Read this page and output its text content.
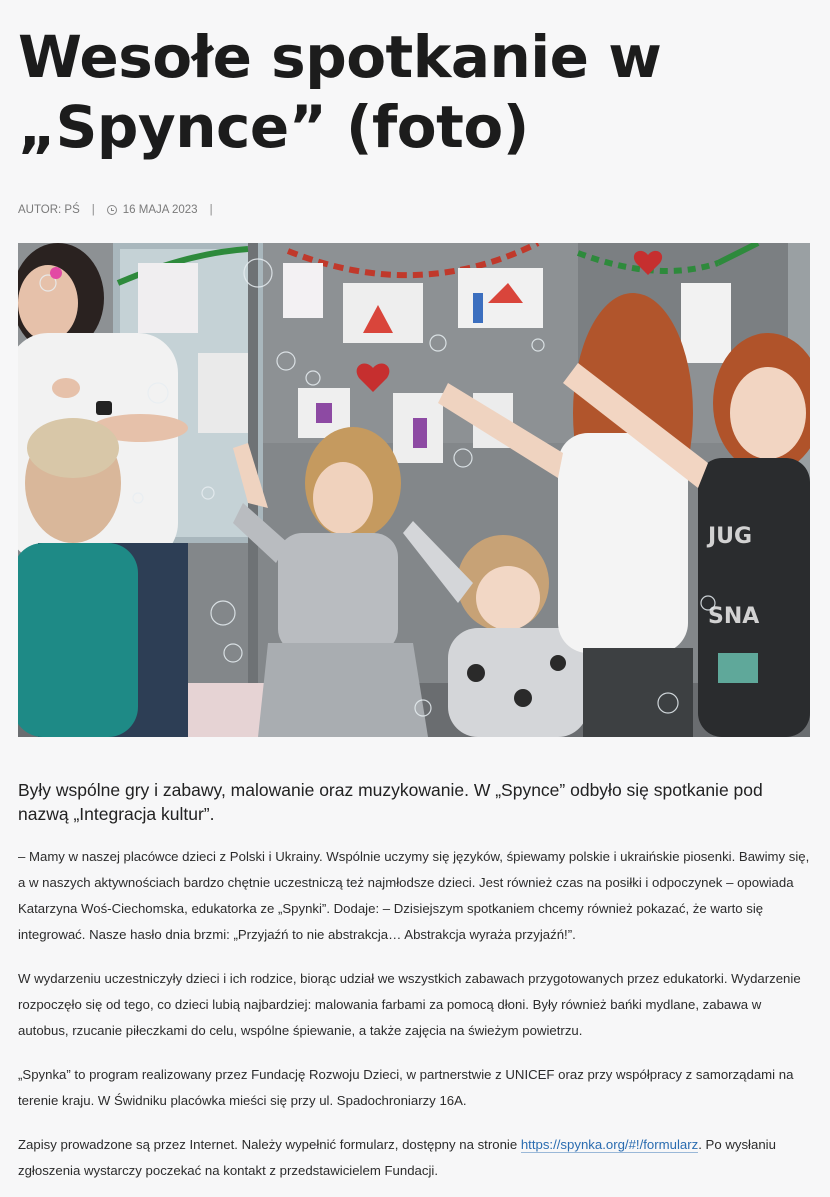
Wesołe spotkanie w „Spynce” (foto)
AUTOR: PŚ | 16 MAJA 2023 |
JUG
SNA

Były wspólne gry i zabawy, malowanie oraz muzykowanie. W „Spynce” odbyło się spotkanie pod nazwą „Integracja kultur”.

– Mamy w naszej placówce dzieci z Polski i Ukrainy. Wspólnie uczymy się języków, śpiewamy polskie i ukraińskie piosenki. Bawimy się, a w naszych aktywnościach bardzo chętnie uczestniczą też najmłodsze dzieci. Jest również czas na posiłki i odpoczynek – opowiada Katarzyna Woś-Ciechomska, edukatorka ze „Spynki”. Dodaje: – Dzisiejszym spotkaniem chcemy również pokazać, że warto się integrować. Nasze hasło dnia brzmi: „Przyjaźń to nie abstrakcja… Abstrakcja wyraża przyjaźń!”.

W wydarzeniu uczestniczyły dzieci i ich rodzice, biorąc udział we wszystkich zabawach przygotowanych przez edukatorki. Wydarzenie rozpoczęło się od tego, co dzieci lubią najbardziej: malowania farbami za pomocą dłoni. Były również bańki mydlane, zabawa w autobus, rzucanie piłeczkami do celu, wspólne śpiewanie, a także zajęcia na świeżym powietrzu.

„Spynka” to program realizowany przez Fundację Rozwoju Dzieci, w partnerstwie z UNICEF oraz przy współpracy z samorządami na terenie kraju. W Świdniku placówka mieści się przy ul. Spadochroniarzy 16A.

Zapisy prowadzone są przez Internet. Należy wypełnić formularz, dostępny na stronie https://spynka.org/#!/formularz. Po wysłaniu zgłoszenia wystarczy poczekać na kontakt z przedstawicielem Fundacji.
